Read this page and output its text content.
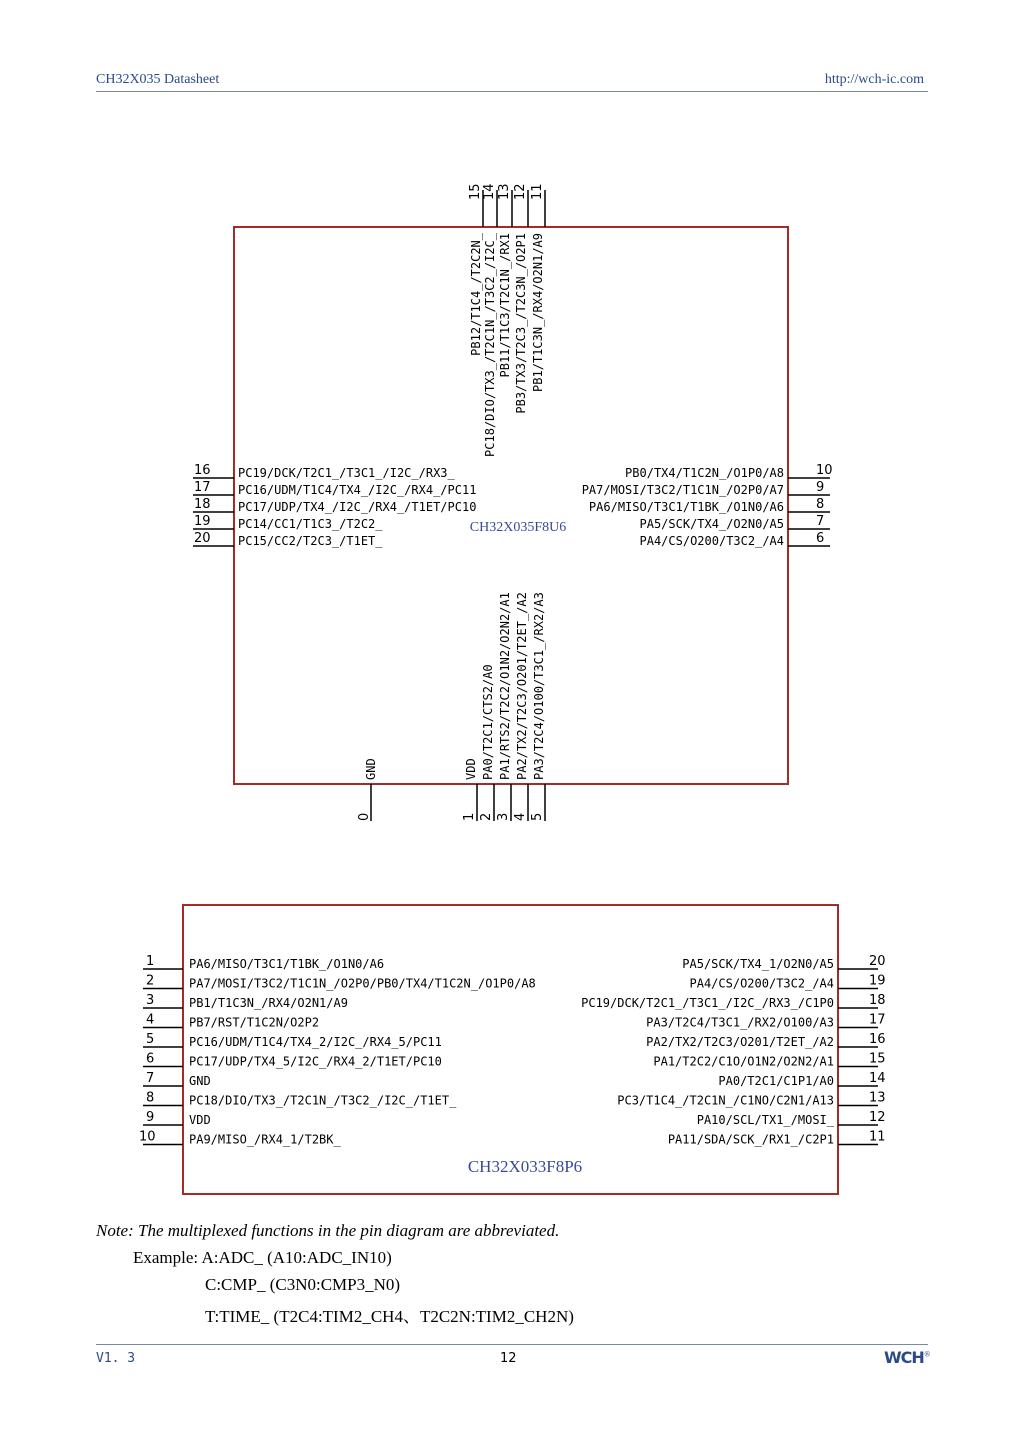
CH32X035 Datasheet	http://wch-ic.com
CH32X035F8U6
PB12/T1C4_/T2C2N_
15
PC18/DIO/TX3_/T2C1N_/T3C2_/I2C_
14
PB11/T1C3/T2C1N_/RX1
13
PB3/TX3/T2C3_/T2C3N_/O2P1
12
PB1/T1C3N_/RX4/O2N1/A9
11
PC19/DCK/T2C1_/T3C1_/I2C_/RX3_
16
PC16/UDM/T1C4/TX4_/I2C_/RX4_/PC11
17
PC17/UDP/TX4_/I2C_/RX4_/T1ET/PC10
18
PC14/CC1/T1C3_/T2C2_
19
PC15/CC2/T2C3_/T1ET_
20
PB0/TX4/T1C2N_/O1P0/A8 10
PA7/MOSI/T3C2/T1C1N_/O2P0/A7 9
PA6/MISO/T3C1/T1BK_/O1N0/A6 8
PA5/SCK/TX4_/O2N0/A5 7
PA4/CS/O200/T3C2_/A4 6
VDD
1
PA0/T2C1/CTS2/A0
2
PA1/RTS2/T2C2/O1N2/O2N2/A1
3
PA2/TX2/T2C3/O201/T2ET_/A2
4
PA3/T2C4/O100/T3C1_/RX2/A3
5
GND
0
CH32X033F8P6
PA6/MISO/T3C1/T1BK_/O1N0/A6
1
PA7/MOSI/T3C2/T1C1N_/O2P0/PB0/TX4/T1C2N_/O1P0/A8
2
PB1/T1C3N_/RX4/O2N1/A9
3
PB7/RST/T1C2N/O2P2
4
PC16/UDM/T1C4/TX4_2/I2C_/RX4_5/PC11
5
PC17/UDP/TX4_5/I2C_/RX4_2/T1ET/PC10
6
GND
7
PC18/DIO/TX3_/T2C1N_/T3C2_/I2C_/T1ET_
8
VDD
9
PA9/MISO_/RX4_1/T2BK_
10
PA5/SCK/TX4_1/O2N0/A5	20
PA4/CS/O200/T3C2_/A4	19
PC19/DCK/T2C1_/T3C1_/I2C_/RX3_/C1P0	18
PA3/T2C4/T3C1_/RX2/O100/A3	17
PA2/TX2/T2C3/O201/T2ET_/A2	16
PA1/T2C2/C1O/O1N2/O2N2/A1	15
PA0/T2C1/C1P1/A0	14
PC3/T1C4_/T2C1N_/C1NO/C2N1/A13	13
PA10/SCL/TX1_/MOSI_	12
PA11/SDA/SCK_/RX1_/C2P1	11
Note: The multiplexed functions in the pin diagram are abbreviated.
Example: A:ADC_ (A10:ADC_IN10)
C:CMP_ (C3N0:CMP3_N0)
T:TIME_ (T2C4:TIM2_CH4、T2C2N:TIM2_CH2N)
V1. 3	12	WCH®
